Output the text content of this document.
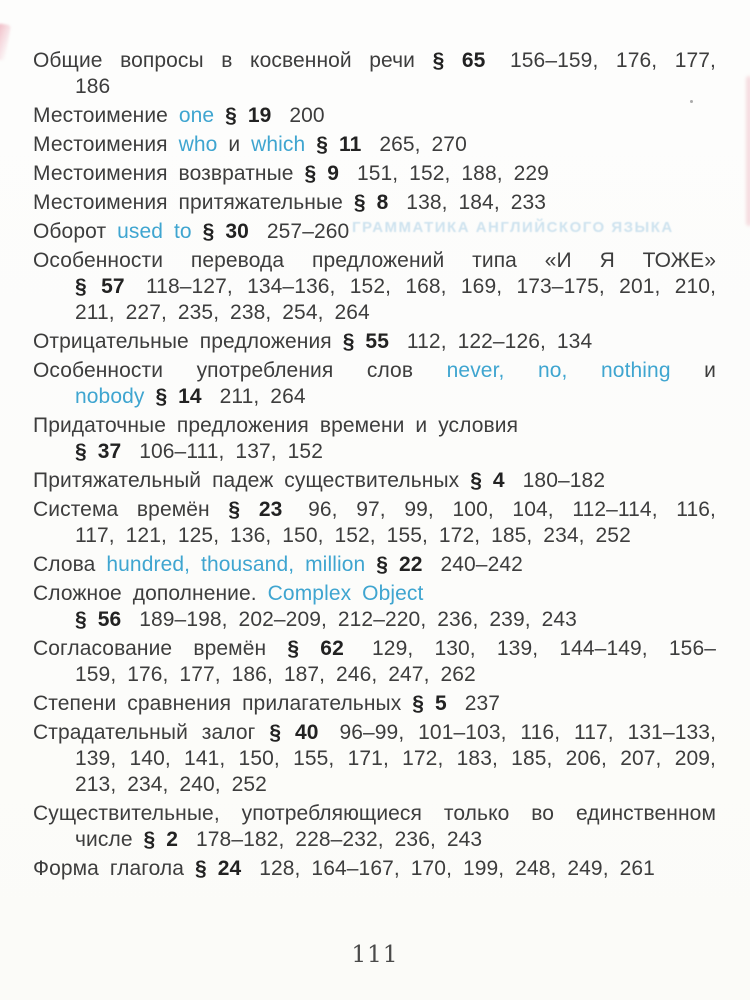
ГРАММАТИКА АНГЛИЙСКОГО ЯЗЫКА
Общие вопросы в косвенной речи § 65 156–159, 176, 177,
186
Местоимение one § 19 200
Местоимения who и which § 11 265, 270
Местоимения возвратные § 9 151, 152, 188, 229
Местоимения притяжательные § 8 138, 184, 233
Оборот used to § 30 257–260
Особенности перевода предложений типа «И Я ТОЖЕ»
§ 57 118–127, 134–136, 152, 168, 169, 173–175, 201, 210,
211, 227, 235, 238, 254, 264
Отрицательные предложения § 55 112, 122–126, 134
Особенности употребления слов never, no, nothing и
nobody § 14 211, 264
Придаточные предложения времени и условия
§ 37 106–111, 137, 152
Притяжательный падеж существительных § 4 180–182
Система времён § 23 96, 97, 99, 100, 104, 112–114, 116,
117, 121, 125, 136, 150, 152, 155, 172, 185, 234, 252
Слова hundred, thousand, million § 22 240–242
Сложное дополнение. Complex Object
§ 56 189–198, 202–209, 212–220, 236, 239, 243
Согласование времён § 62 129, 130, 139, 144–149, 156–
159, 176, 177, 186, 187, 246, 247, 262
Степени сравнения прилагательных § 5 237
Страдательный залог § 40 96–99, 101–103, 116, 117, 131–133,
139, 140, 141, 150, 155, 171, 172, 183, 185, 206, 207, 209,
213, 234, 240, 252
Существительные, употребляющиеся только во единственном
числе § 2 178–182, 228–232, 236, 243
Форма глагола § 24 128, 164–167, 170, 199, 248, 249, 261
111
